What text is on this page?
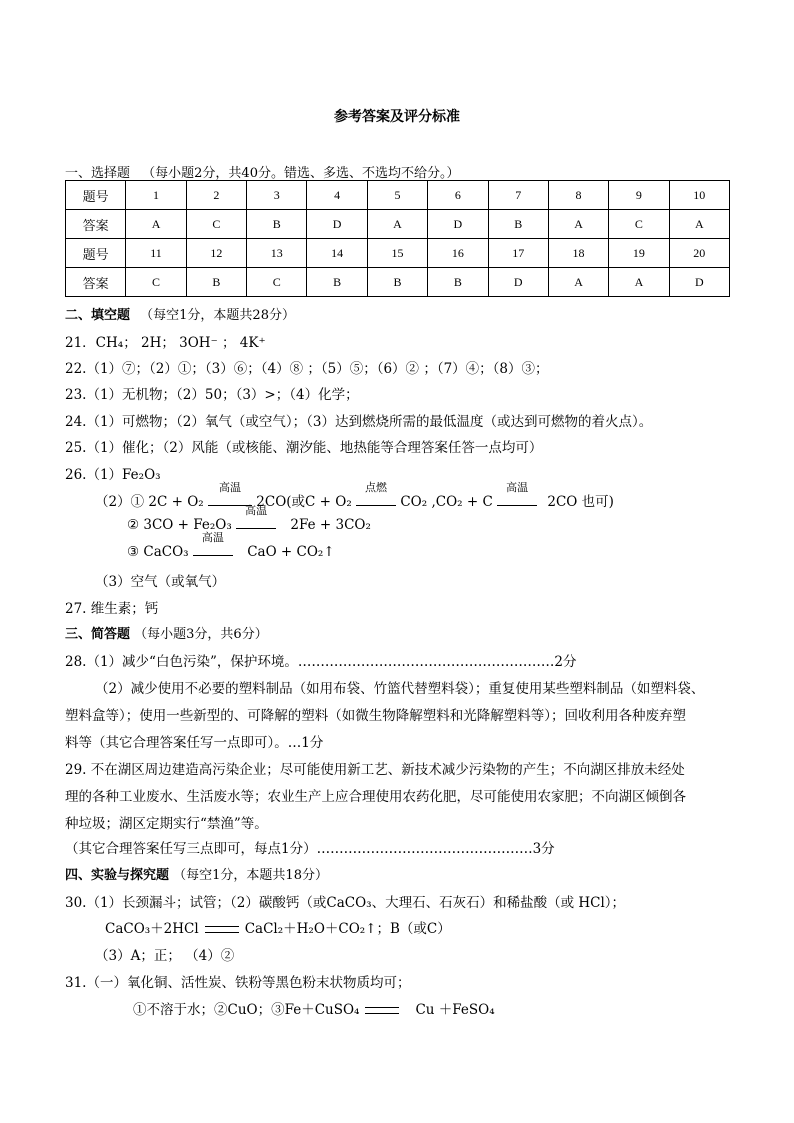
参考答案及评分标准
一、选择题 （每小题2分，共40分。错选、多选、不选均不给分。）
题号	1	2	3	4	5	6	7	8	9	10
答案	A	C	B	D	A	D	B	A	C	A
题号	11	12	13	14	15	16	17	18	19	20
答案	C	B	C	B	B	B	D	A	A	D
二、填空题 （每空1分，本题共28分）
21．CH₄； 2H； 3OH⁻ ； 4K⁺
22.（1）⑦；（2）①；（3）⑥；（4）⑧ ；（5）⑤；（6）② ；（7）④；（8）③；
23.（1）无机物；（2）50；（3）>；（4）化学；
24.（1）可燃物；（2）氧气（或空气）；（3）达到燃烧所需的最低温度（或达到可燃物的着火点）。
25.（1）催化；（2）风能（或核能、潮汐能、地热能等合理答案任答一点均可）
26.（1）Fe₂O₃
（2）① 2C + O₂
高温
2CO(或C + O₂
点燃
CO₂ ,CO₂ + C
高温
2CO 也可)
② 3CO + Fe₂O₃
高温
2Fe + 3CO₂
③ CaCO₃
高温
CaO + CO₂↑
（3）空气（或氧气）
27. 维生素；钙
三、简答题 （每小题3分，共6分）
28.（1）减少“白色污染”，保护环境。…………………………………………………2分
（2）减少使用不必要的塑料制品（如用布袋、竹篮代替塑料袋）；重复使用某些塑料制品（如塑料袋、
塑料盒等）；使用一些新型的、可降解的塑料（如微生物降解塑料和光降解塑料等）；回收利用各种废弃塑
料等（其它合理答案任写一点即可）。…1分
29. 不在湖区周边建造高污染企业；尽可能使用新工艺、新技术减少污染物的产生；不向湖区排放未经处
理的各种工业废水、生活废水等；农业生产上应合理使用农药化肥，尽可能使用农家肥；不向湖区倾倒各
种垃圾；湖区定期实行“禁渔”等。
（其它合理答案任写三点即可，每点1分）…………………………………………3分
四、实验与探究题 （每空1分，本题共18分）
30.（1）长颈漏斗；试管；（2）碳酸钙（或CaCO₃、大理石、石灰石）和稀盐酸（或 HCl）；
CaCO₃＋2HCl	CaCl₂＋H₂O＋CO₂↑；B（或C）
（3）A；正； （4）②
31.（一）氧化铜、活性炭、铁粉等黑色粉末状物质均可；
①不溶于水；②CuO；③Fe＋CuSO₄	Cu ＋FeSO₄
